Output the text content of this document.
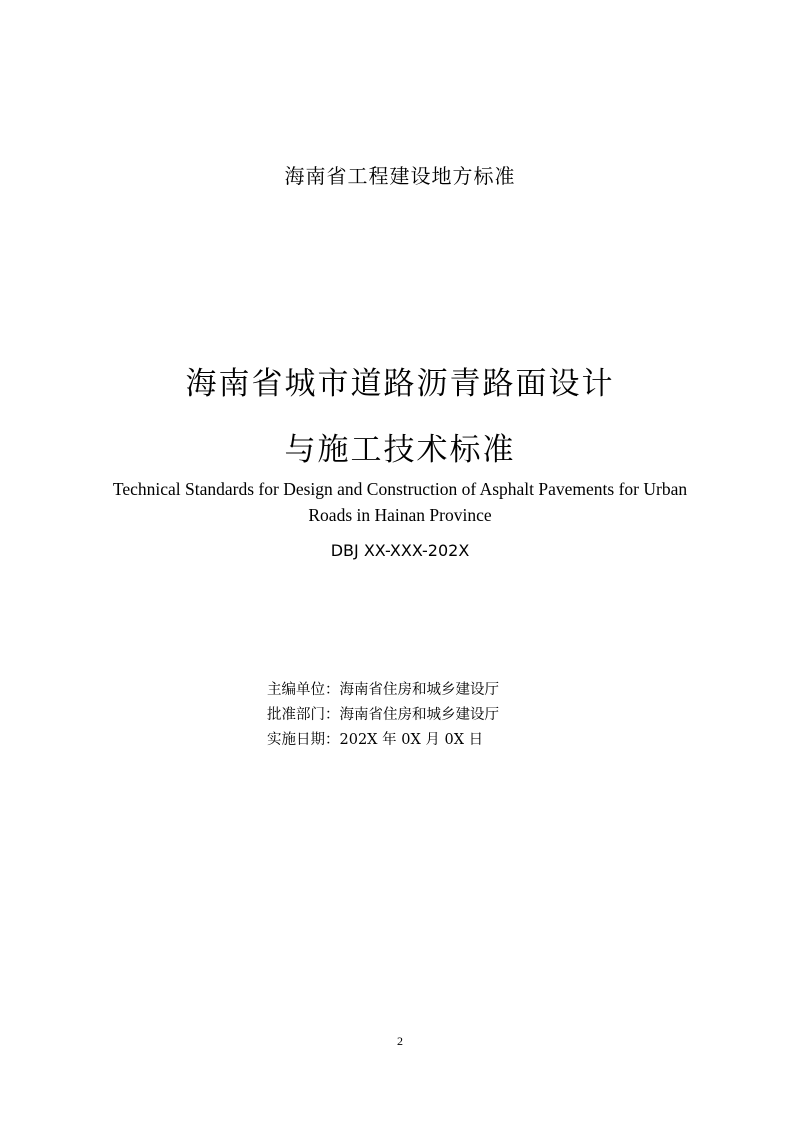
海南省工程建设地方标准
海南省城市道路沥青路面设计
与施工技术标准
Technical Standards for Design and Construction of Asphalt Pavements for Urban
Roads in Hainan Province
DBJ XX-XXX-202X
主编单位：海南省住房和城乡建设厅
批准部门：海南省住房和城乡建设厅
实施日期：202X 年 0X 月 0X 日
2
